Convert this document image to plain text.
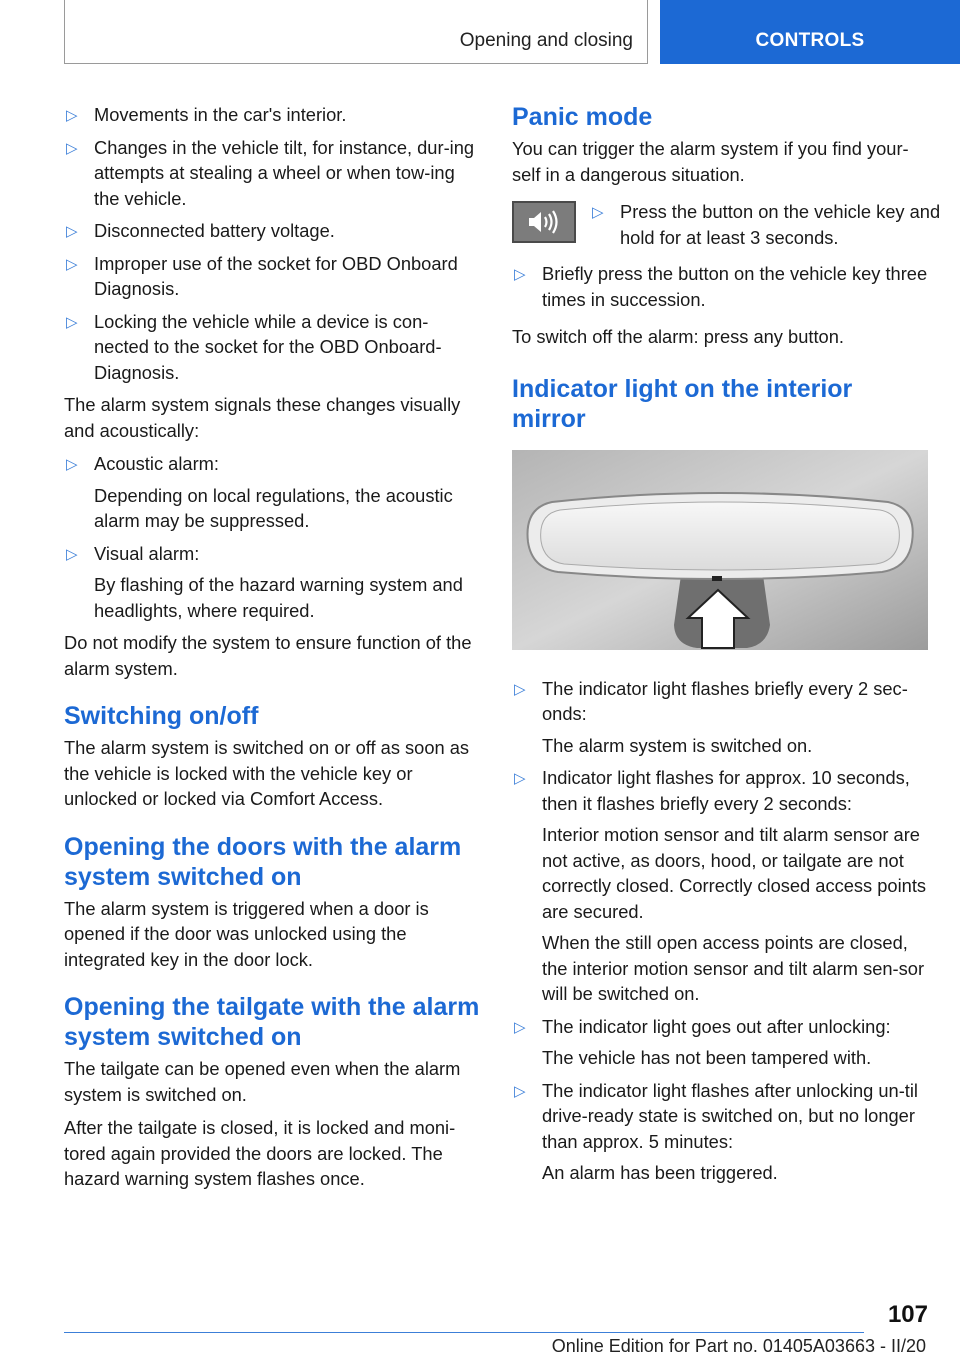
Opening and closing	CONTROLS
▷ Movements in the car's interior.
▷ Changes in the vehicle tilt, for instance, dur‐ing attempts at stealing a wheel or when tow‐ing the vehicle.
▷ Disconnected battery voltage.
▷ Improper use of the socket for OBD Onboard Diagnosis.
▷ Locking the vehicle while a device is con‐nected to the socket for the OBD Onboard-Diagnosis.

The alarm system signals these changes visually and acoustically:

▷ Acoustic alarm:
Depending on local regulations, the acoustic alarm may be suppressed.
▷ Visual alarm:
By flashing of the hazard warning system and headlights, where required.

Do not modify the system to ensure function of the alarm system.

Switching on/off

The alarm system is switched on or off as soon as the vehicle is locked with the vehicle key or unlocked or locked via Comfort Access.

Opening the doors with the alarm system switched on

The alarm system is triggered when a door is opened if the door was unlocked using the integrated key in the door lock.

Opening the tailgate with the alarm system switched on

The tailgate can be opened even when the alarm system is switched on.

After the tailgate is closed, it is locked and moni‐tored again provided the doors are locked. The hazard warning system flashes once.

Panic mode

You can trigger the alarm system if you find your‐self in a dangerous situation.

▷ Press the button on the vehicle key and hold for at least 3 seconds.
▷ Briefly press the button on the vehicle key three times in succession.

To switch off the alarm: press any button.

Indicator light on the interior mirror
▷ The indicator light flashes briefly every 2 sec‐onds:
The alarm system is switched on.
▷ Indicator light flashes for approx. 10 seconds, then it flashes briefly every 2 seconds:
Interior motion sensor and tilt alarm sensor are not active, as doors, hood, or tailgate are not correctly closed. Correctly closed access points are secured.
When the still open access points are closed, the interior motion sensor and tilt alarm sen‐sor will be switched on.
▷ The indicator light goes out after unlocking:
The vehicle has not been tampered with.
▷ The indicator light flashes after unlocking un‐til drive-ready state is switched on, but no longer than approx. 5 minutes:
An alarm has been triggered.
107
Online Edition for Part no. 01405A03663 - II/20
